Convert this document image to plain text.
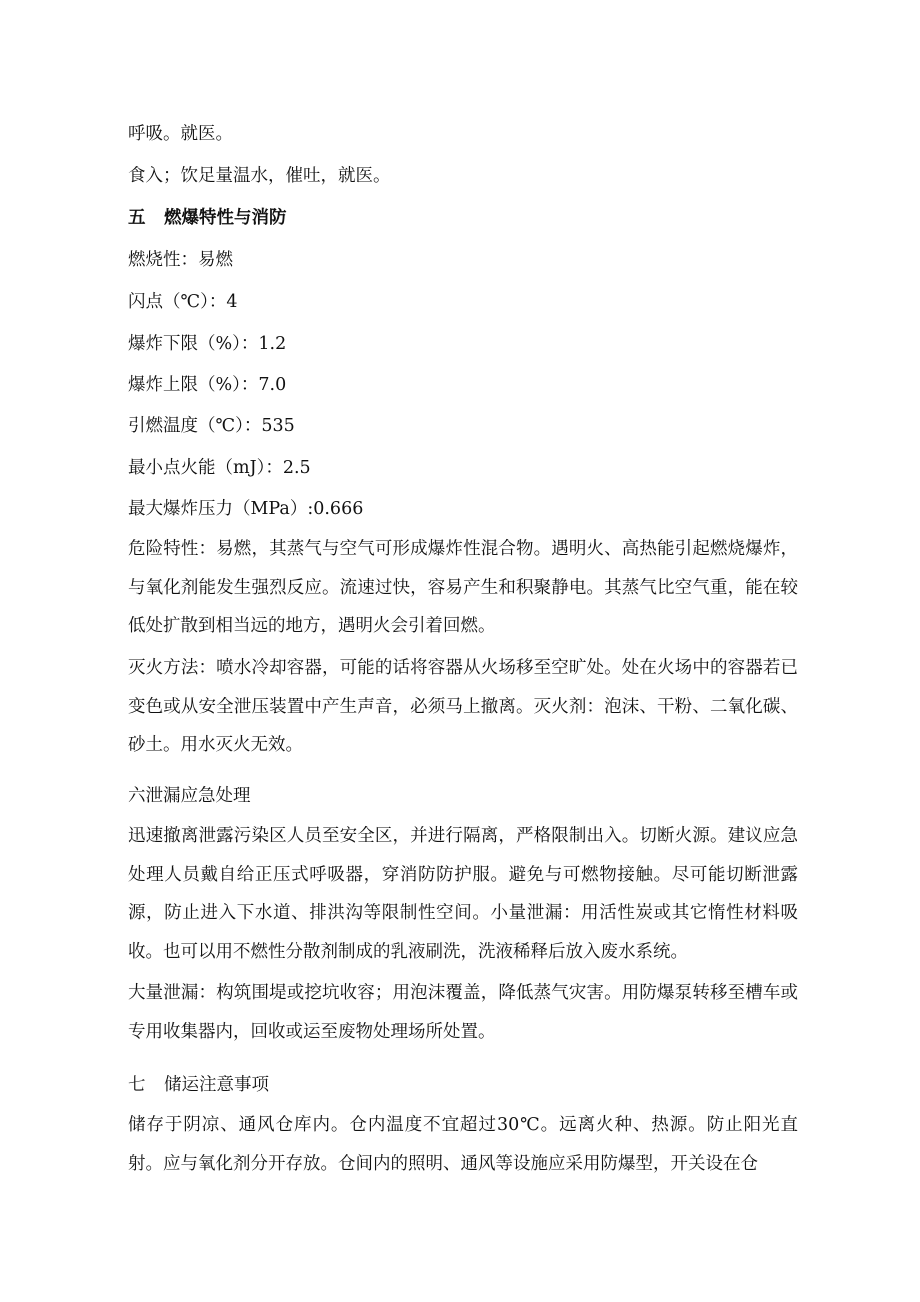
呼吸。就医。
食入；饮足量温水，催吐，就医。
五 燃爆特性与消防
燃烧性：易燃
闪点（℃）：4
爆炸下限（%）：1.2
爆炸上限（%）：7.0
引燃温度（℃）：535
最小点火能（mJ）：2.5
最大爆炸压力（MPa）:0.666
危险特性：易燃，其蒸气与空气可形成爆炸性混合物。遇明火、高热能引起燃烧爆炸，与氧化剂能发生强烈反应。流速过快，容易产生和积聚静电。其蒸气比空气重，能在较低处扩散到相当远的地方，遇明火会引着回燃。
灭火方法：喷水冷却容器，可能的话将容器从火场移至空旷处。处在火场中的容器若已变色或从安全泄压装置中产生声音，必须马上撤离。灭火剂：泡沫、干粉、二氧化碳、砂土。用水灭火无效。
六泄漏应急处理
迅速撤离泄露污染区人员至安全区，并进行隔离，严格限制出入。切断火源。建议应急处理人员戴自给正压式呼吸器，穿消防防护服。避免与可燃物接触。尽可能切断泄露源，防止进入下水道、排洪沟等限制性空间。小量泄漏：用活性炭或其它惰性材料吸收。也可以用不燃性分散剂制成的乳液刷洗，洗液稀释后放入废水系统。
大量泄漏：构筑围堤或挖坑收容；用泡沫覆盖，降低蒸气灾害。用防爆泵转移至槽车或专用收集器内，回收或运至废物处理场所处置。
七 储运注意事项
储存于阴凉、通风仓库内。仓内温度不宜超过30℃。远离火种、热源。防止阳光直射。应与氧化剂分开存放。仓间内的照明、通风等设施应采用防爆型，开关设在仓
